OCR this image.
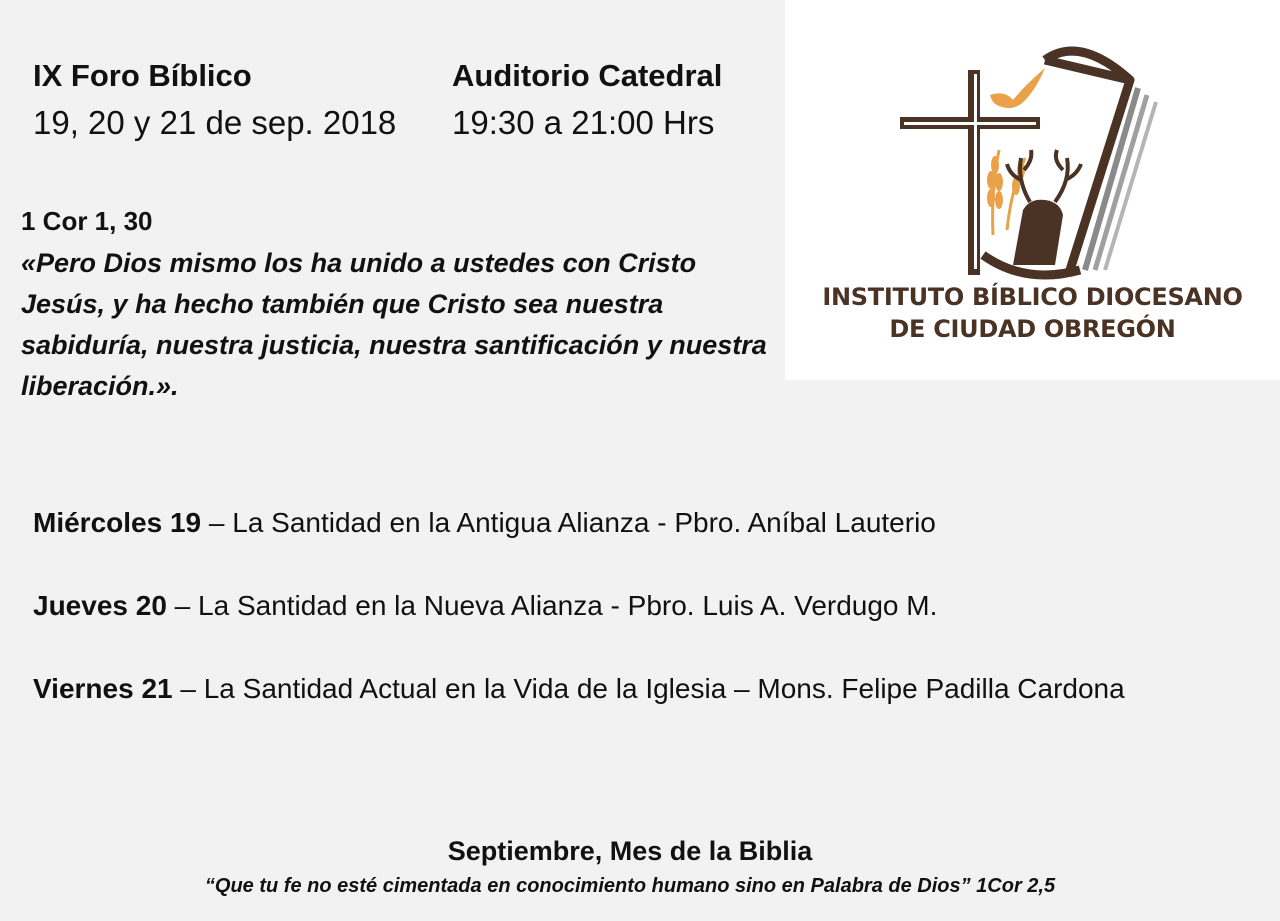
IX Foro Bíblico
19, 20 y 21 de sep. 2018
Auditorio Catedral
19:30 a 21:00 Hrs
1 Cor 1, 30
«Pero Dios mismo los ha unido a ustedes con Cristo Jesús, y ha hecho también que Cristo sea nuestra sabiduría, nuestra justicia, nuestra santificación y nuestra liberación.».
INSTITUTO BÍBLICO DIOCESANO
DE CIUDAD OBREGÓN
Miércoles 19 – La Santidad en la Antigua Alianza - Pbro. Aníbal Lauterio
Jueves 20 – La Santidad en la Nueva Alianza - Pbro. Luis A. Verdugo M.
Viernes 21 – La Santidad Actual en la Vida de la Iglesia – Mons. Felipe Padilla Cardona
Septiembre, Mes de la Biblia
“Que tu fe no esté cimentada en conocimiento humano sino en Palabra de Dios” 1Cor 2,5
